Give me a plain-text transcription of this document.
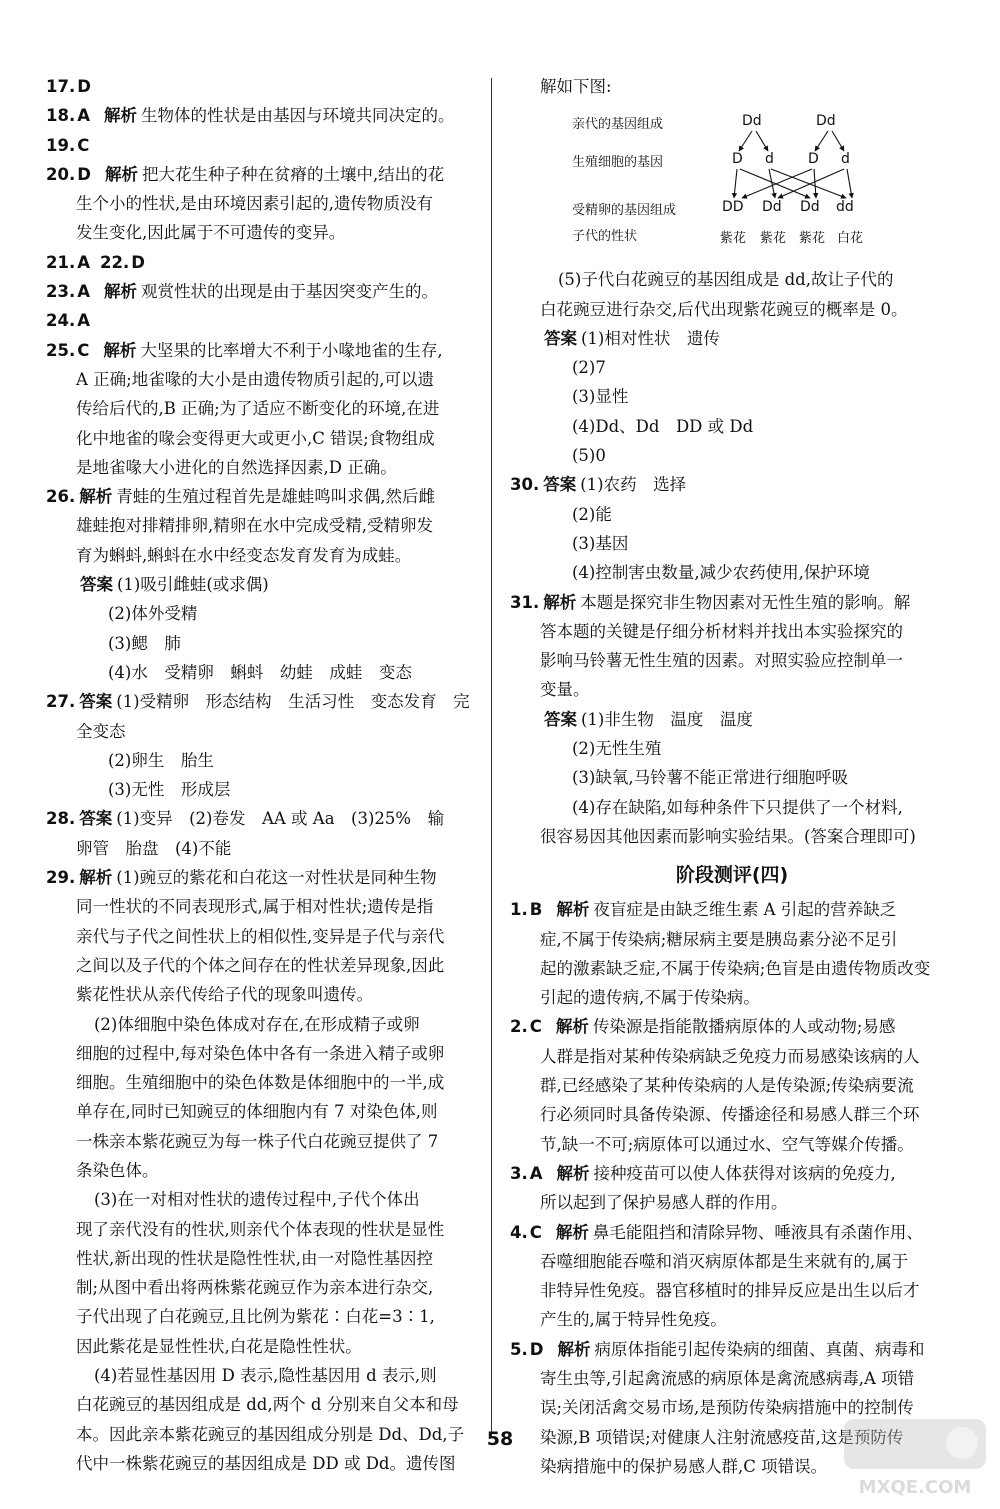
17. D
18. A 解析 生物体的性状是由基因与环境共同决定的。
19. C
20. D 解析 把大花生种子种在贫瘠的土壤中,结出的花
生个小的性状,是由环境因素引起的,遗传物质没有
发生变化,因此属于不可遗传的变异。
21. A 22. D
23. A 解析 观赏性状的出现是由于基因突变产生的。
24. A
25. C 解析 大坚果的比率增大不利于小喙地雀的生存,
A 正确;地雀喙的大小是由遗传物质引起的,可以遗
传给后代的,B 正确;为了适应不断变化的环境,在进
化中地雀的喙会变得更大或更小,C 错误;食物组成
是地雀喙大小进化的自然选择因素,D 正确。
26. 解析 青蛙的生殖过程首先是雄蛙鸣叫求偶,然后雌
雄蛙抱对排精排卵,精卵在水中完成受精,受精卵发
育为蝌蚪,蝌蚪在水中经变态发育发育为成蛙。
答案 (1)吸引雌蛙(或求偶)
(2)体外受精
(3)鳃　肺
(4)水　受精卵　蝌蚪　幼蛙　成蛙　变态
27. 答案 (1)受精卵　形态结构　生活习性　变态发育　完
全变态
(2)卵生　胎生
(3)无性　形成层
28. 答案 (1)变异　(2)卷发　AA 或 Aa　(3)25%　输
卵管　胎盘　(4)不能
29. 解析 (1)豌豆的紫花和白花这一对性状是同种生物
同一性状的不同表现形式,属于相对性状;遗传是指
亲代与子代之间性状上的相似性,变异是子代与亲代
之间以及子代的个体之间存在的性状差异现象,因此
紫花性状从亲代传给子代的现象叫遗传。
(2)体细胞中染色体成对存在,在形成精子或卵
细胞的过程中,每对染色体中各有一条进入精子或卵
细胞。生殖细胞中的染色体数是体细胞中的一半,成
单存在,同时已知豌豆的体细胞内有 7 对染色体,则
一株亲本紫花豌豆为每一株子代白花豌豆提供了 7
条染色体。
(3)在一对相对性状的遗传过程中,子代个体出
现了亲代没有的性状,则亲代个体表现的性状是显性
性状,新出现的性状是隐性性状,由一对隐性基因控
制;从图中看出将两株紫花豌豆作为亲本进行杂交,
子代出现了白花豌豆,且比例为紫花∶白花=3∶1,
因此紫花是显性性状,白花是隐性性状。
(4)若显性基因用 D 表示,隐性基因用 d 表示,则
白花豌豆的基因组成是 dd,两个 d 分别来自父本和母
本。因此亲本紫花豌豆的基因组成分别是 Dd、Dd,子
代中一株紫花豌豆的基因组成是 DD 或 Dd。遗传图
解如下图:
亲代的基因组成
生殖细胞的基因
受精卵的基因组成
子代的性状
Dd	Dd
D d D d
DD Dd Dd dd
紫花 紫花 紫花 白花
(5)子代白花豌豆的基因组成是 dd,故让子代的
白花豌豆进行杂交,后代出现紫花豌豆的概率是 0。
答案 (1)相对性状　遗传
(2)7
(3)显性
(4)Dd、Dd　DD 或 Dd
(5)0
30. 答案 (1)农药　选择
(2)能
(3)基因
(4)控制害虫数量,减少农药使用,保护环境
31. 解析 本题是探究非生物因素对无性生殖的影响。解
答本题的关键是仔细分析材料并找出本实验探究的
影响马铃薯无性生殖的因素。对照实验应控制单一
变量。
答案 (1)非生物　温度　温度
(2)无性生殖
(3)缺氧,马铃薯不能正常进行细胞呼吸
(4)存在缺陷,如每种条件下只提供了一个材料,
很容易因其他因素而影响实验结果。(答案合理即可)
阶段测评(四)
1. B 解析 夜盲症是由缺乏维生素 A 引起的营养缺乏
症,不属于传染病;糖尿病主要是胰岛素分泌不足引
起的激素缺乏症,不属于传染病;色盲是由遗传物质改变
引起的遗传病,不属于传染病。
2. C 解析 传染源是指能散播病原体的人或动物;易感
人群是指对某种传染病缺乏免疫力而易感染该病的人
群,已经感染了某种传染病的人是传染源;传染病要流
行必须同时具备传染源、传播途径和易感人群三个环
节,缺一不可;病原体可以通过水、空气等媒介传播。
3. A 解析 接种疫苗可以使人体获得对该病的免疫力,
所以起到了保护易感人群的作用。
4. C 解析 鼻毛能阻挡和清除异物、唾液具有杀菌作用、
吞噬细胞能吞噬和消灭病原体都是生来就有的,属于
非特异性免疫。器官移植时的排异反应是出生以后才
产生的,属于特异性免疫。
5. D 解析 病原体指能引起传染病的细菌、真菌、病毒和
寄生虫等,引起禽流感的病原体是禽流感病毒,A 项错
误;关闭活禽交易市场,是预防传染病措施中的控制传
染源,B 项错误;对健康人注射流感疫苗,这是预防传
染病措施中的保护易感人群,C 项错误。
58
MXQE.COM
